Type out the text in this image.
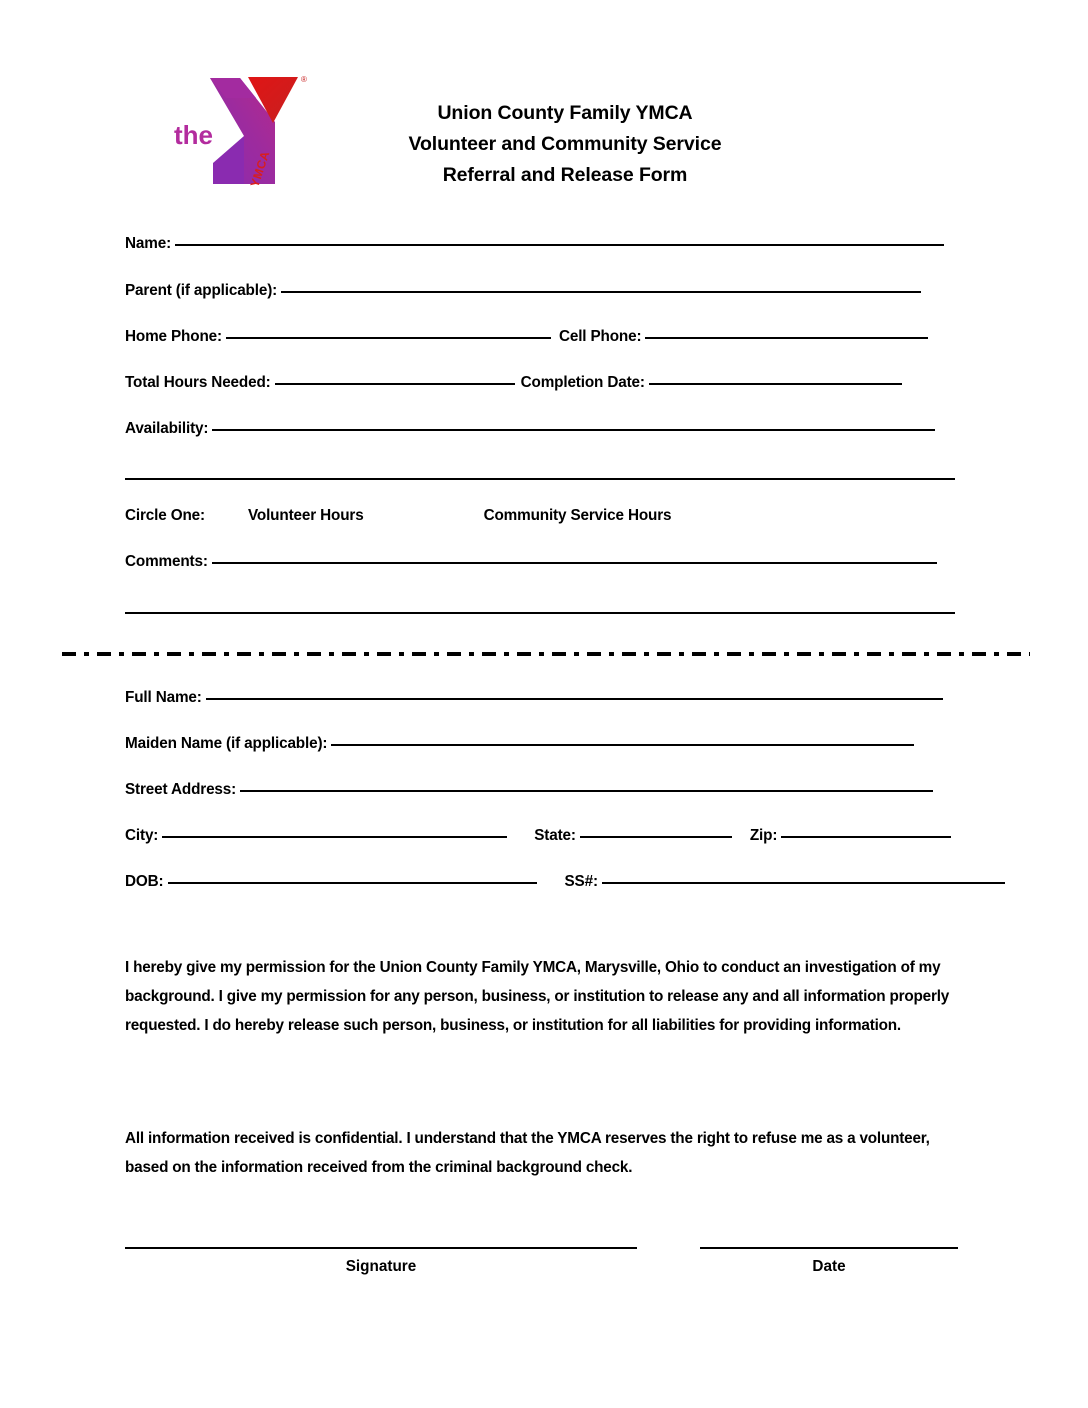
®
the
YMCA
Union County Family YMCA
Volunteer and Community Service
Referral and Release Form
Name:
Parent (if applicable):
Home Phone:	Cell Phone:
Total Hours Needed:	Completion Date:
Availability:
Circle One:	Volunteer Hours	Community Service Hours
Comments:
Full Name:
Maiden Name (if applicable):
Street Address:
City:	State:	Zip:
DOB:	SS#:
I hereby give my permission for the Union County Family YMCA, Marysville, Ohio to conduct an investigation of my background. I give my permission for any person, business, or institution to release any and all information properly requested. I do hereby release such person, business, or institution for all liabilities for providing information.
All information received is confidential. I understand that the YMCA reserves the right to refuse me as a volunteer, based on the information received from the criminal background check.
Signature	Date
